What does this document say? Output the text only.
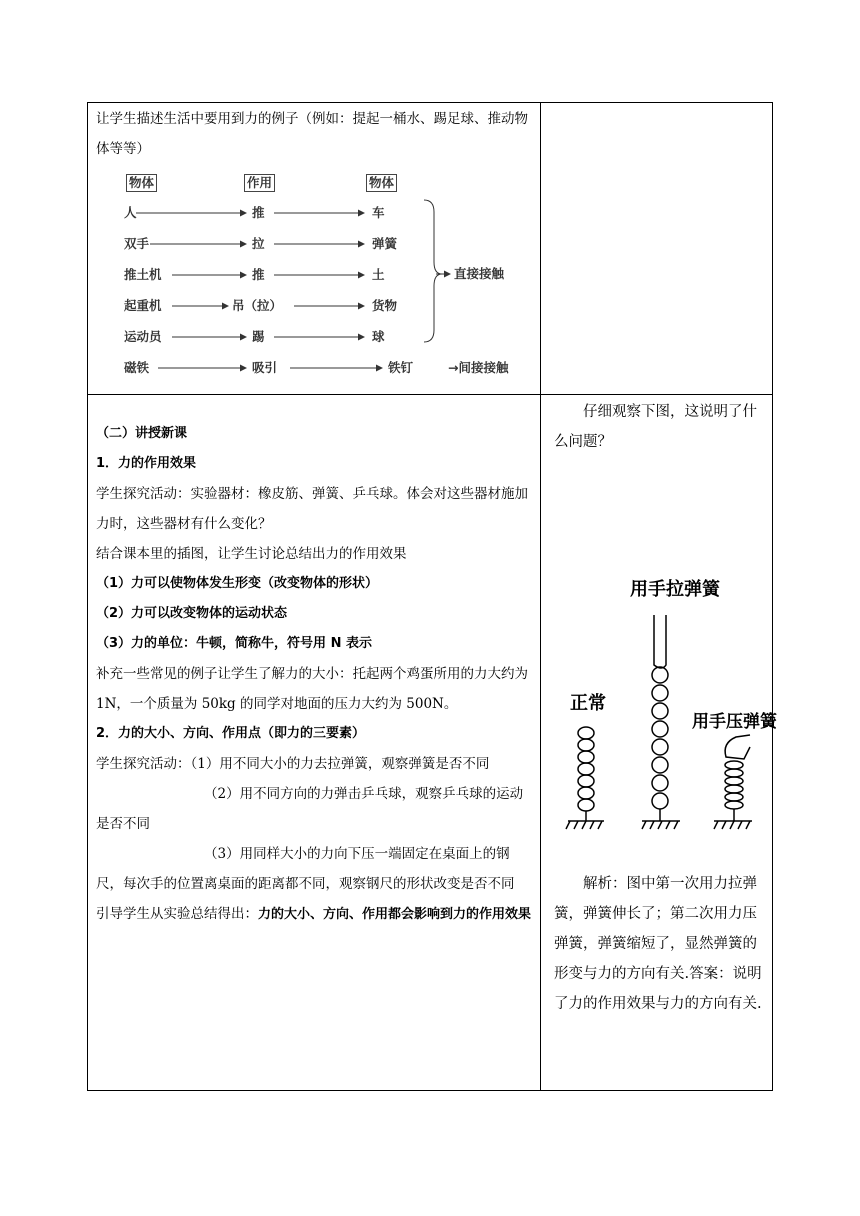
让学生描述生活中要用到力的例子（例如：提起一桶水、踢足球、推动物体等等）

物体	作用	物体
人	推	车
双手	拉	弹簧
推土机	推	土
起重机	吊（拉）	货物
运动员	踢	球
磁铁	吸引	铁钉
直接接触
→间接接触

（二）讲授新课

1．力的作用效果

学生探究活动：实验器材：橡皮筋、弹簧、乒乓球。体会对这些器材施加力时，这些器材有什么变化？

结合课本里的插图，让学生讨论总结出力的作用效果

（1）力可以使物体发生形变（改变物体的形状）

（2）力可以改变物体的运动状态

（3）力的单位：牛顿，简称牛，符号用 N 表示

补充一些常见的例子让学生了解力的大小：托起两个鸡蛋所用的力大约为 1N，一个质量为 50kg 的同学对地面的压力大约为 500N。

2．力的大小、方向、作用点（即力的三要素）

学生探究活动：（1）用不同大小的力去拉弹簧，观察弹簧是否不同

（2）用不同方向的力弹击乒乓球，观察乒乓球的运动是否不同

（3）用同样大小的力向下压一端固定在桌面上的钢尺，每次手的位置离桌面的距离都不同，观察钢尺的形状改变是否不同

引导学生从实验总结得出：力的大小、方向、作用都会影响到力的作用效果

仔细观察下图，这说明了什么问题？

正常
用手拉弹簧
用手压弹簧

解析：图中第一次用力拉弹簧，弹簧伸长了；第二次用力压弹簧，弹簧缩短了，显然弹簧的形变与力的方向有关.答案：说明了力的作用效果与力的方向有关.
